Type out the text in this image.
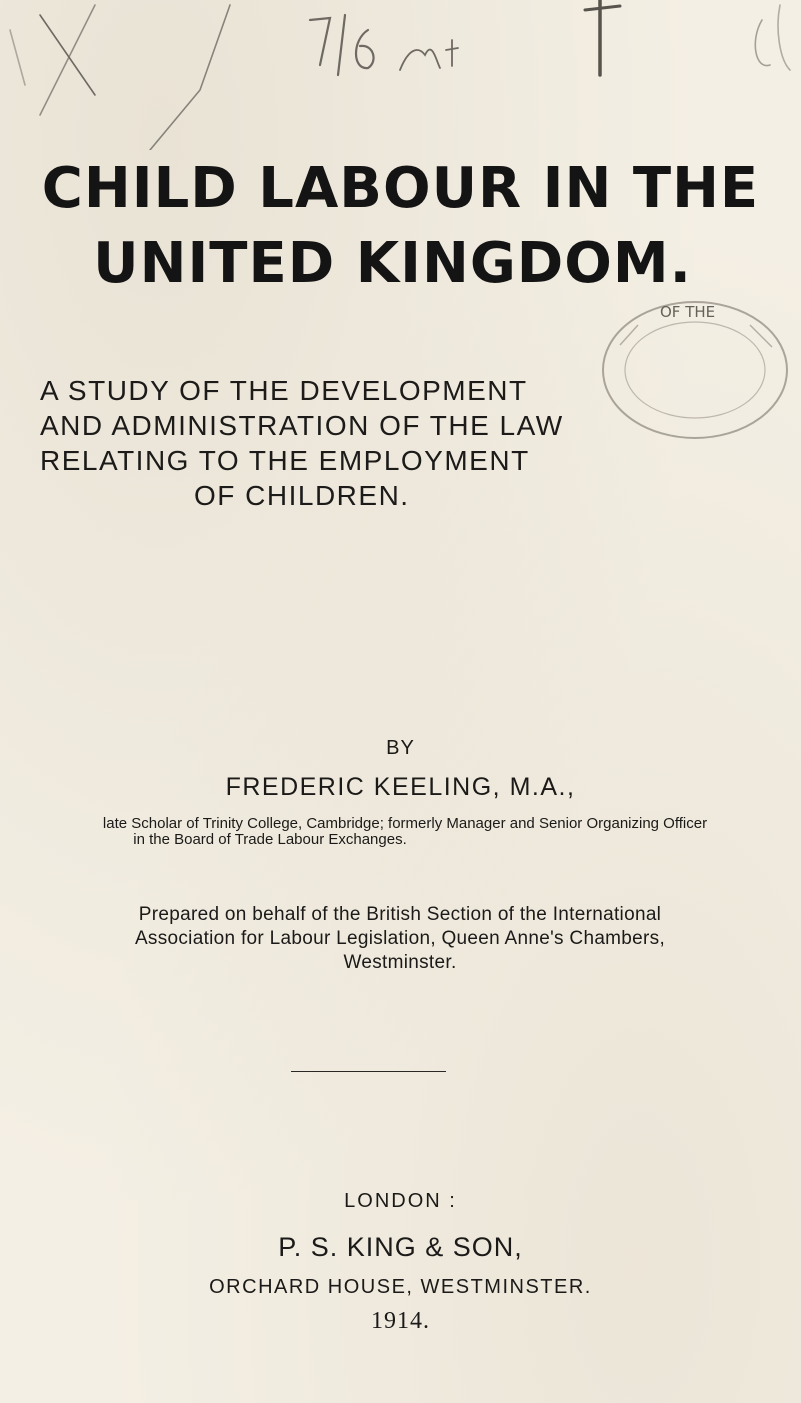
CHILD LABOUR IN THE
UNITED KINGDOM.
OF THE
A STUDY OF THE DEVELOPMENT
AND ADMINISTRATION OF THE LAW
RELATING TO THE EMPLOYMENT
OF CHILDREN.
BY
FREDERIC KEELING, M.A.,
late Scholar of Trinity College, Cambridge; formerly Manager and Senior Organizing Officer
in the Board of Trade Labour Exchanges.
Prepared on behalf of the British Section of the International
Association for Labour Legislation, Queen Anne's Chambers,
Westminster.
LONDON :
P. S. KING & SON,
ORCHARD HOUSE, WESTMINSTER.
1914.
